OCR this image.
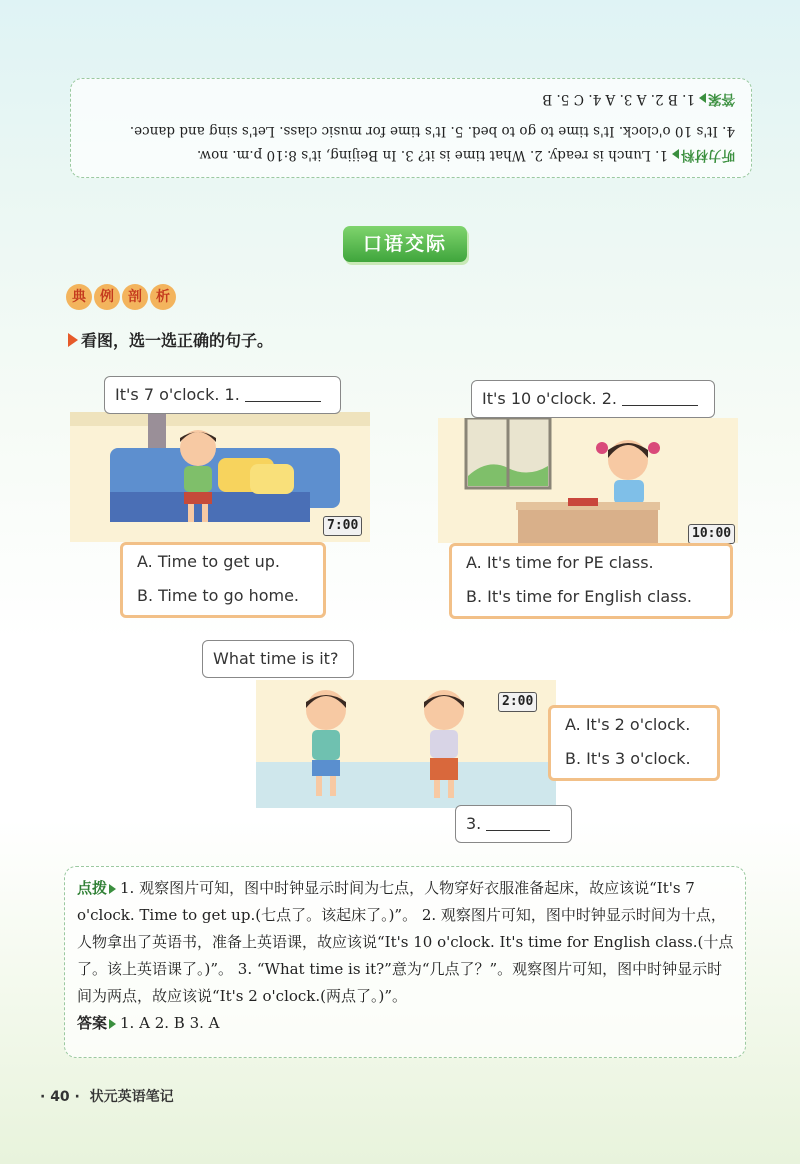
听力材料1. Lunch is ready. 2. What time is it? 3. In Beijing, it's 8:10 p.m. now.
4. It's 10 o'clock. It's time to go to bed. 5. It's time for music class. Let's sing and dance.
答案1. B 2. A 3. A 4. C 5. B
口语交际
典	例	剖	析
看图，选一选正确的句子。
It's 7 o'clock. 1.
7:00
A. Time to get up.
B. Time to go home.
It's 10 o'clock. 2.
10:00
A. It's time for PE class.
B. It's time for English class.
What time is it?
2:00
A. It's 2 o'clock.
B. It's 3 o'clock.
3.
点拨 1. 观察图片可知，图中时钟显示时间为七点，人物穿好衣服准备起床，故应该说“It's 7 o'clock. Time to get up.(七点了。该起床了。)”。 2. 观察图片可知，图中时钟显示时间为十点，人物拿出了英语书，准备上英语课，故应该说“It's 10 o'clock. It's time for English class.(十点了。该上英语课了。)”。 3. “What time is it?”意为“几点了？”。观察图片可知，图中时钟显示时间为两点，故应该说“It's 2 o'clock.(两点了。)”。
答案 1. A 2. B 3. A
· 40 · 状元英语笔记
